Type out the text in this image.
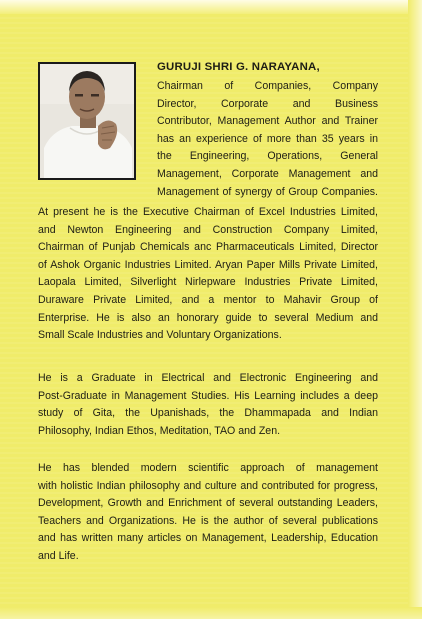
GURUJI SHRI G. NARAYANA,
Chairman of Companies, Company
Director, Corporate and Business
Contributor, Management Author and Trainer
has an experience of more than 35 years in
the Engineering, Operations, General
Management, Corporate Management and
Management of synergy of Group Companies.
At present he is the Executive Chairman of Excel Industries Limited,
and Newton Engineering and Construction Company Limited,
Chairman of Punjab Chemicals anc Pharmaceuticals Limited, Director
of Ashok Organic Industries Limited. Aryan Paper Mills Private Limited,
Laopala Limited, Silverlight Nirlepware Industries Private Limited,
Duraware Private Limited, and a mentor to Mahavir Group of
Enterprise. He is also an honorary guide to several Medium and
Small Scale Industries and Voluntary Organizations.
He is a Graduate in Electrical and Electronic Engineering and
Post-Graduate in Management Studies. His Learning includes a deep
study of Gita, the Upanishads, the Dhammapada and Indian
Philosophy, Indian Ethos, Meditation, TAO and Zen.
He has blended modern scientific approach of management
with holistic Indian philosophy and culture and contributed for progress,
Development, Growth and Enrichment of several outstanding Leaders,
Teachers and Organizations. He is the author of several publications
and has written many articles on Management, Leadership, Education
and Life.
